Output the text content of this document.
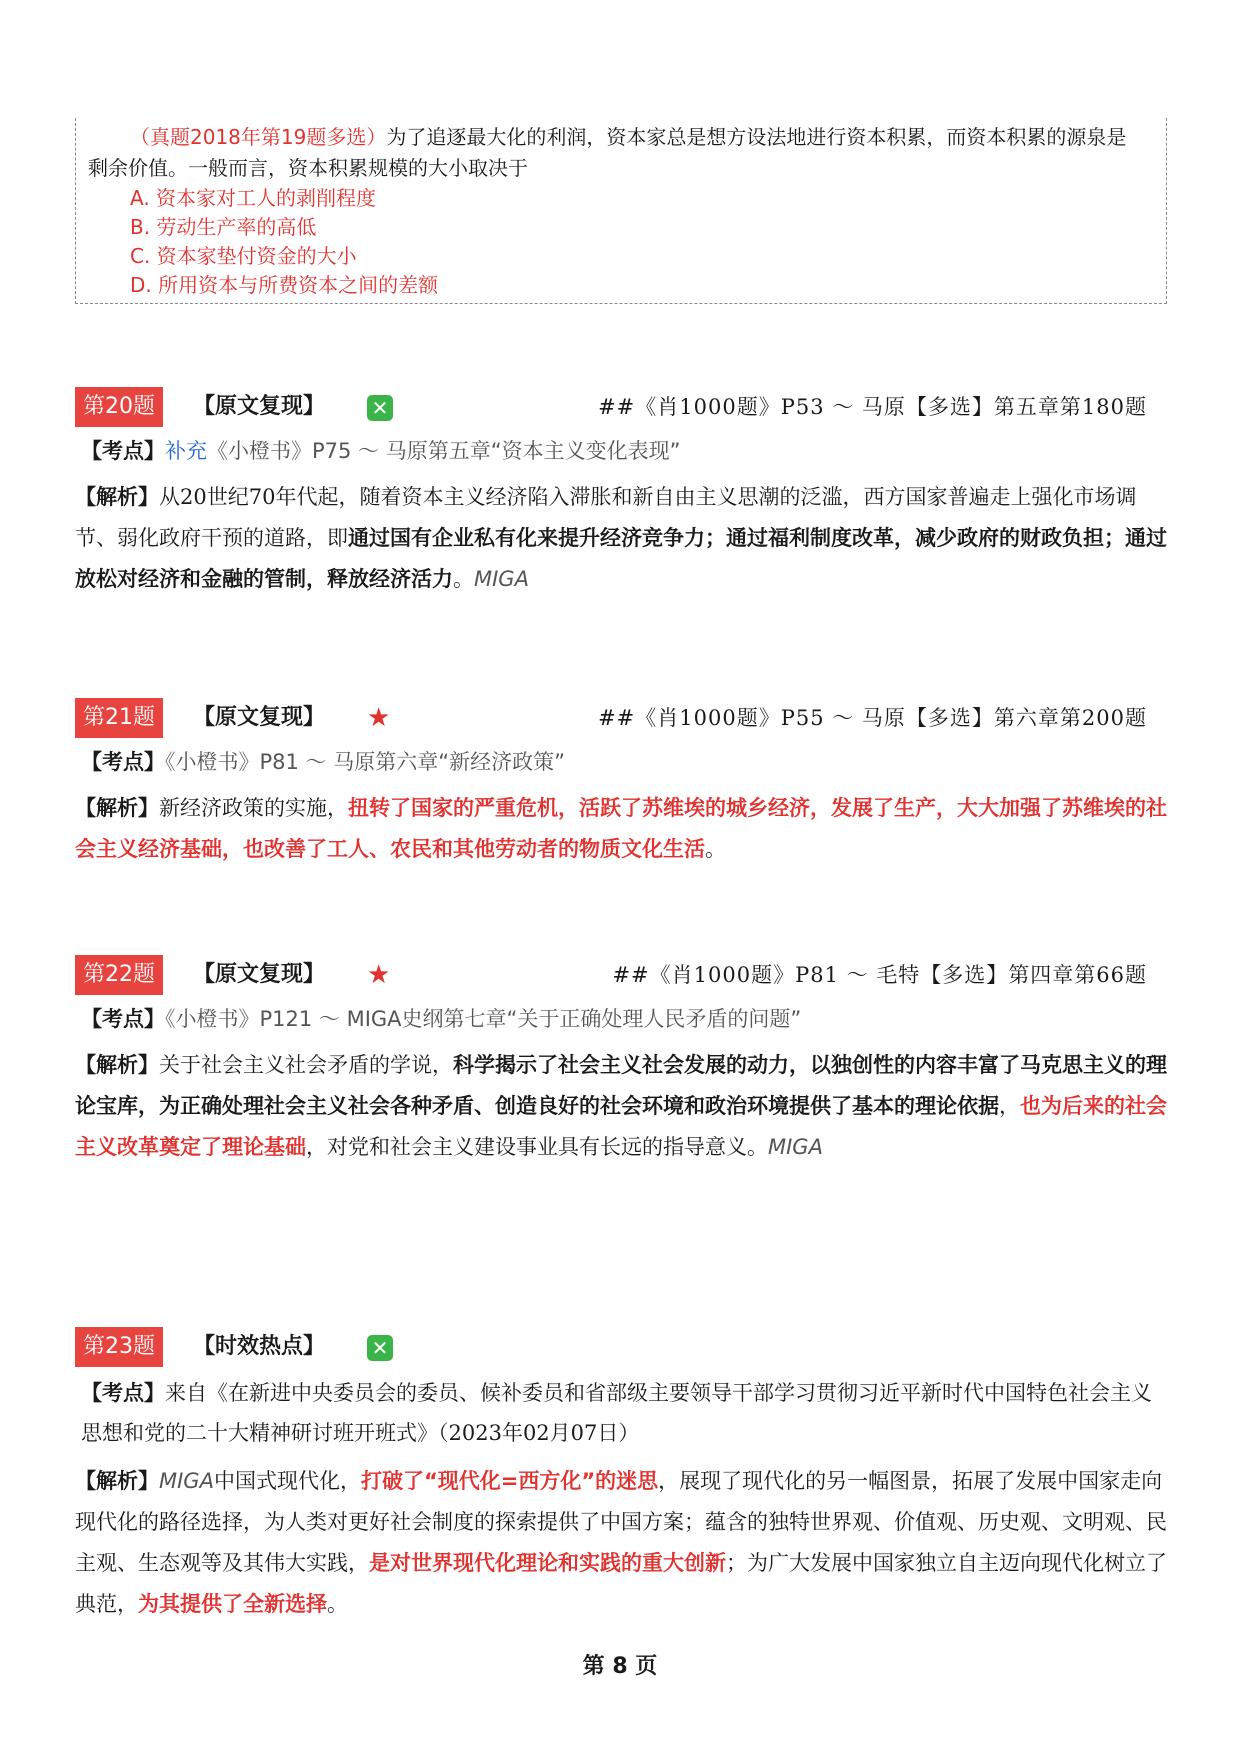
（真题2018年第19题多选）为了追逐最大化的利润，资本家总是想方设法地进行资本积累，而资本积累的源泉是
剩余价值。一般而言，资本积累规模的大小取决于
A. 资本家对工人的剥削程度
B. 劳动生产率的高低
C. 资本家垫付资金的大小
D. 所用资本与所费资本之间的差额
第20题	【原文复现】 ✕	##《肖1000题》P53 ～ 马原【多选】第五章第180题
【考点】补充《小橙书》P75 ～ 马原第五章“资本主义变化表现”
【解析】从20世纪70年代起，随着资本主义经济陷入滞胀和新自由主义思潮的泛滥，西方国家普遍走上强化市场调节、弱化政府干预的道路，即通过国有企业私有化来提升经济竞争力；通过福利制度改革，减少政府的财政负担；通过放松对经济和金融的管制，释放经济活力。MIGA
第21题	【原文复现】 ★	##《肖1000题》P55 ～ 马原【多选】第六章第200题
【考点】《小橙书》P81 ～ 马原第六章“新经济政策”
【解析】新经济政策的实施，扭转了国家的严重危机，活跃了苏维埃的城乡经济，发展了生产，大大加强了苏维埃的社会主义经济基础，也改善了工人、农民和其他劳动者的物质文化生活。
第22题	【原文复现】 ★	##《肖1000题》P81 ～ 毛特【多选】第四章第66题
【考点】《小橙书》P121 ～ MIGA史纲第七章“关于正确处理人民矛盾的问题”
【解析】关于社会主义社会矛盾的学说，科学揭示了社会主义社会发展的动力，以独创性的内容丰富了马克思主义的理论宝库，为正确处理社会主义社会各种矛盾、创造良好的社会环境和政治环境提供了基本的理论依据，也为后来的社会主义改革奠定了理论基础，对党和社会主义建设事业具有长远的指导意义。MIGA
第23题	【时效热点】 ✕
【考点】来自《在新进中央委员会的委员、候补委员和省部级主要领导干部学习贯彻习近平新时代中国特色社会主义思想和党的二十大精神研讨班开班式》（2023年02月07日）
【解析】MIGA中国式现代化，打破了“现代化=西方化”的迷思，展现了现代化的另一幅图景，拓展了发展中国家走向现代化的路径选择，为人类对更好社会制度的探索提供了中国方案；蕴含的独特世界观、价值观、历史观、文明观、民主观、生态观等及其伟大实践，是对世界现代化理论和实践的重大创新；为广大发展中国家独立自主迈向现代化树立了典范，为其提供了全新选择。
第 8 页
